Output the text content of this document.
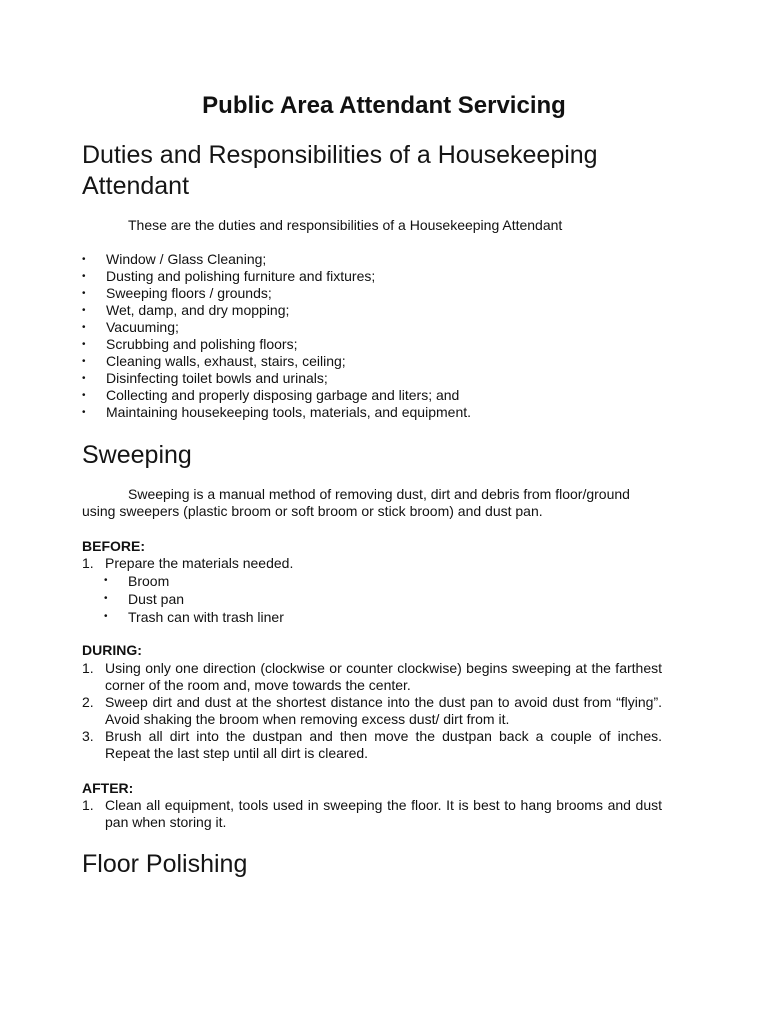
Public Area Attendant Servicing
Duties and Responsibilities of a Housekeeping Attendant

These are the duties and responsibilities of a Housekeeping Attendant

• Window / Glass Cleaning;
• Dusting and polishing furniture and fixtures;
• Sweeping floors / grounds;
• Wet, damp, and dry mopping;
• Vacuuming;
• Scrubbing and polishing floors;
• Cleaning walls, exhaust, stairs, ceiling;
• Disinfecting toilet bowls and urinals;
• Collecting and properly disposing garbage and liters; and
• Maintaining housekeeping tools, materials, and equipment.
Sweeping

Sweeping is a manual method of removing dust, dirt and debris from floor/ground using sweepers (plastic broom or soft broom or stick broom) and dust pan.

BEFORE:

1. Prepare the materials needed.
• Broom
• Dust pan
• Trash can with trash liner

DURING:

1. Using only one direction (clockwise or counter clockwise) begins sweeping at the farthest corner of the room and, move towards the center.
2. Sweep dirt and dust at the shortest distance into the dust pan to avoid dust from “flying”. Avoid shaking the broom when removing excess dust/ dirt from it.
3. Brush all dirt into the dustpan and then move the dustpan back a couple of inches. Repeat the last step until all dirt is cleared.

AFTER:

1. Clean all equipment, tools used in sweeping the floor. It is best to hang brooms and dust pan when storing it.
Floor Polishing
